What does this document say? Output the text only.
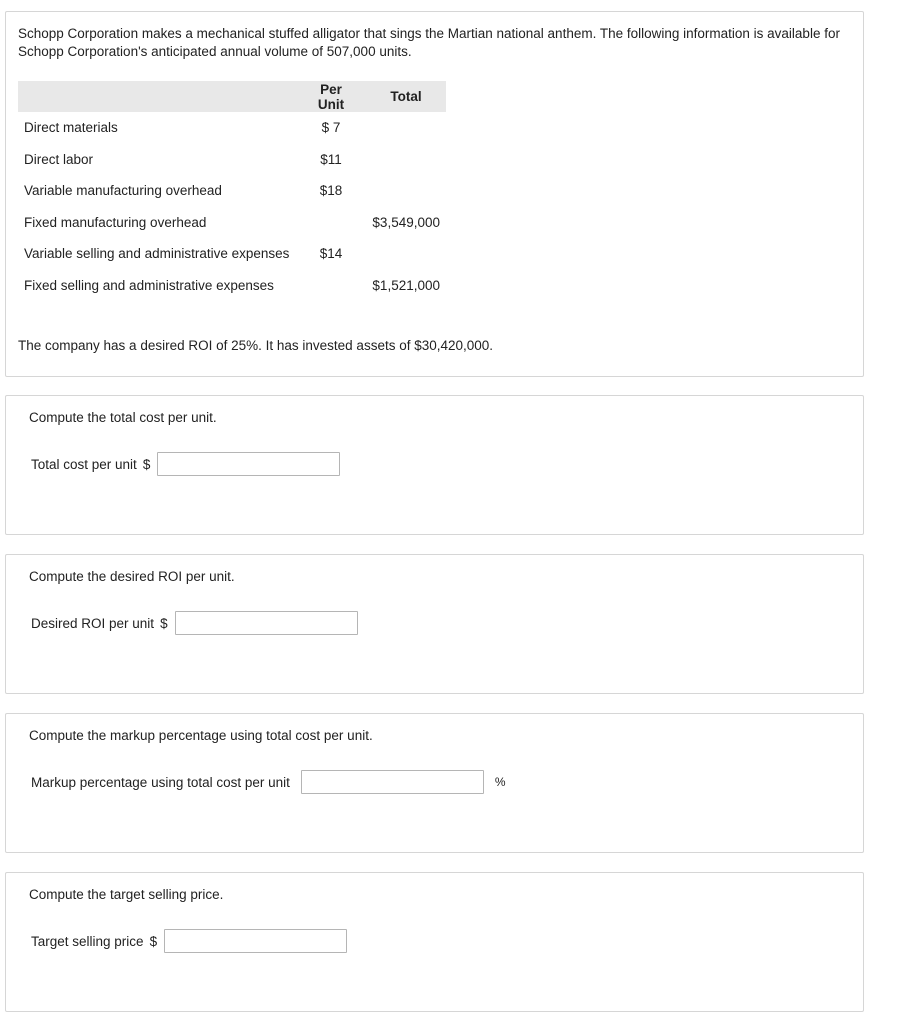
Schopp Corporation makes a mechanical stuffed alligator that sings the Martian national anthem. The following information is available for Schopp Corporation's anticipated annual volume of 507,000 units.
	Per Unit	Total
Direct materials	$ 7	
Direct labor	$11	
Variable manufacturing overhead	$18	
Fixed manufacturing overhead		$3,549,000
Variable selling and administrative expenses	$14	
Fixed selling and administrative expenses		$1,521,000
The company has a desired ROI of 25%. It has invested assets of $30,420,000.
Compute the total cost per unit.
Total cost per unit $
Compute the desired ROI per unit.
Desired ROI per unit $
Compute the markup percentage using total cost per unit.
Markup percentage using total cost per unit	%
Compute the target selling price.
Target selling price $
